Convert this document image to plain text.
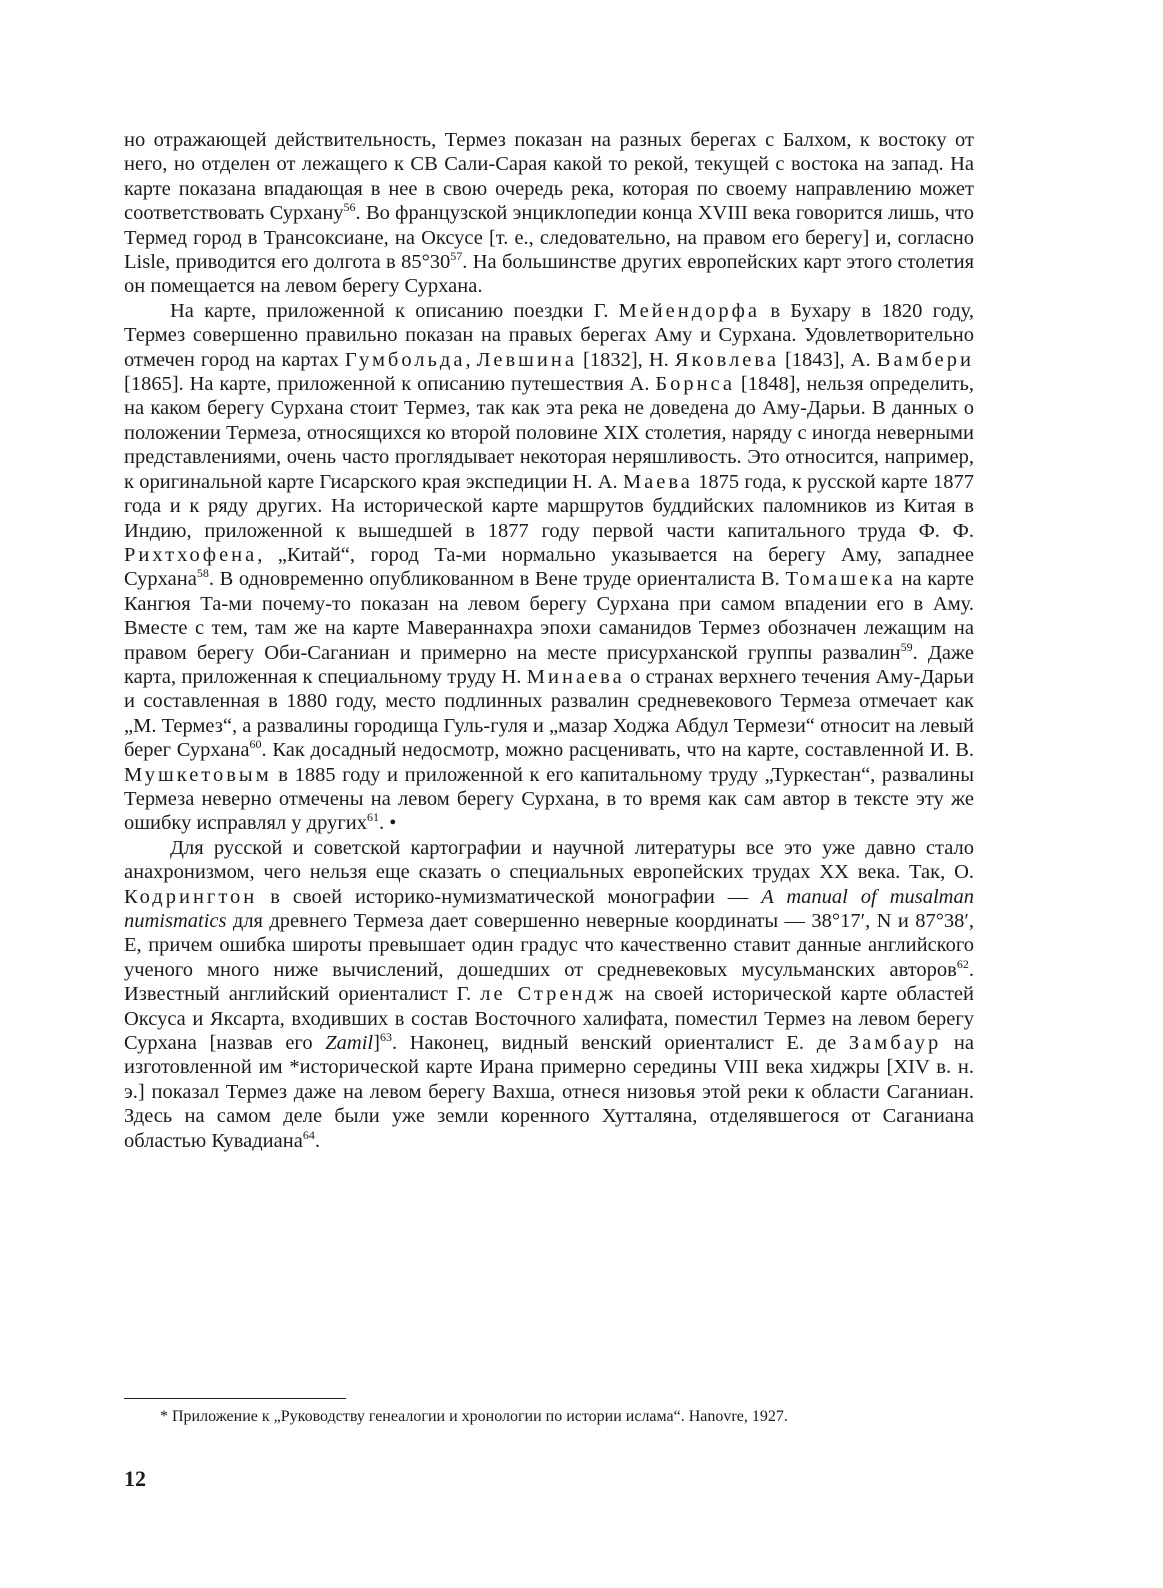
но отражающей действительность, Термез показан на разных берегах с Балхом, к востоку от него, но отделен от лежащего к СВ Сали-Сарая какой то рекой, текущей с востока на запад. На карте показана впадающая в нее в свою очередь река, которая по своему направлению может соответствовать Сурхану$^{56}$. Во французской энциклопедии конца XVIII века говорится лишь, что Термед город в Трансоксиане, на Оксусе [т. е., следовательно, на правом его берегу] и, согласно Lisle, приводится его долгота в $85^\circ 30^{57}$. На большинстве других европейских карт этого столетия он помещается на левом берегу Сурхана.

На карте, приложенной к описанию поездки Г. Мейендорфа в Бухару в 1820 году, Термез совершенно правильно показан на правых берегах Аму и Сурхана. Удовлетворительно отмечен город на картах Гумбольда, Левшина [1832], Н. Яковлева [1843], А. Вамбери [1865]. На карте, приложенной к описанию путешествия А. Борнса [1848], нельзя определить, на каком берегу Сурхана стоит Термез, так как эта река не доведена до Аму-Дарьи. В данных о положении Термеза, относящихся ко второй половине XIX столетия, наряду с иногда неверными представлениями, очень часто проглядывает некоторая неряшливость. Это относится, например, к оригинальной карте Гисарского края экспедиции Н. А. Маева 1875 года, к русской карте 1877 года и к ряду других. На исторической карте маршрутов буддийских паломников из Китая в Индию, приложенной к вышедшей в 1877 году первой части капитального труда Ф. Ф. Рихтхофена, „Китай“, город Та-ми нормально указывается на берегу Аму, западнее Сурхана$^{58}$. В одновременно опубликованном в Вене труде ориенталиста В. Томашека на карте Кангюя Та-ми почему-то показан на левом берегу Сурхана при самом впадении его в Аму. Вместе с тем, там же на карте Мавераннахра эпохи саманидов Термез обозначен лежащим на правом берегу Оби-Саганиан и примерно на месте присурханской группы развалин$^{59}$. Даже карта, приложенная к специальному труду Н. Минаева о странах верхнего течения Аму-Дарьи и составленная в 1880 году, место подлинных развалин средневекового Термеза отмечает как „М. Термез“, а развалины городища Гуль-гуля и „мазар Ходжа Абдул Термези“ относит на левый берег Сурхана$^{60}$. Как досадный недосмотр, можно расценивать, что на карте, составленной И. В. Мушкетовым в 1885 году и приложенной к его капитальному труду „Туркестан“, развалины Термеза неверно отмечены на левом берегу Сурхана, в то время как сам автор в тексте эту же ошибку исправлял у других$^{61}$. •

Для русской и советской картографии и научной литературы все это уже давно стало анахронизмом, чего нельзя еще сказать о специальных европейских трудах XX века. Так, О. Кодрингтон в своей историко-нумизматической монографии — A manual of musalman numismatics для древнего Термеза дает совершенно неверные координаты — 38°17′, N и 87°38′, E, причем ошибка широты превышает один градус что качественно ставит данные английского ученого много ниже вычислений, дошедших от средневековых мусульманских авторов$^{62}$. Известный английский ориенталист Г. ле Стрендж на своей исторической карте областей Оксуса и Яксарта, входивших в состав Восточного халифата, поместил Термез на левом берегу Сурхана [назвав его Zamil]$^{63}$. Наконец, видный венский ориенталист Е. де Замбаур на изготовленной им *исторической карте Ирана примерно середины VIII века хиджры [XIV в. н. э.] показал Термез даже на левом берегу Вахша, отнеся низовья этой реки к области Саганиан. Здесь на самом деле были уже земли коренного Хутталяна, отделявшегося от Саганиана областью Кувадиана$^{64}$.

* Приложение к „Руководству генеалогии и хронологии по истории ислама“. Hanovre, 1927.
12
